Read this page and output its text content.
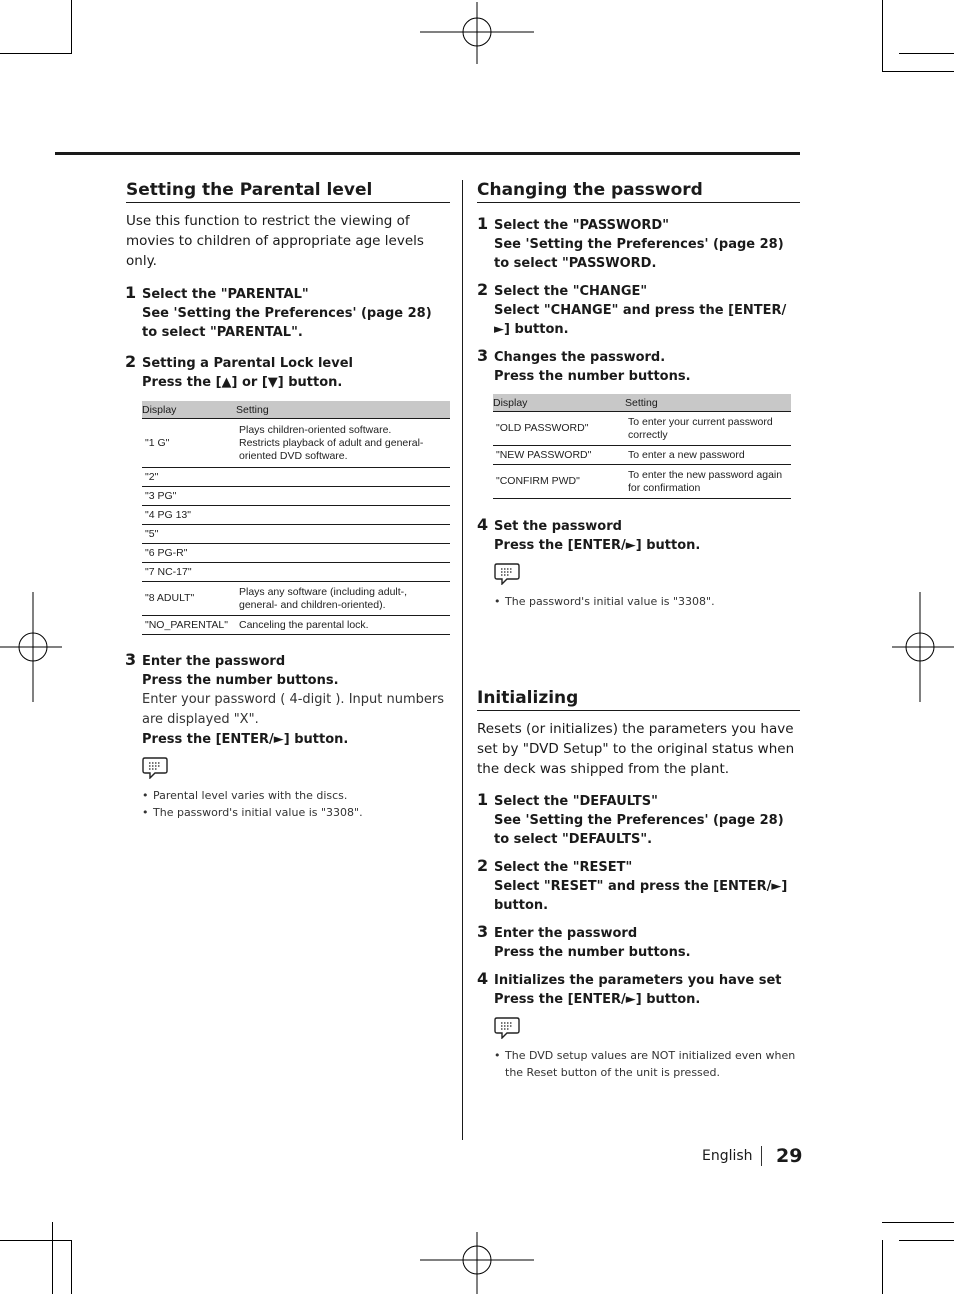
Setting the Parental level
Use this function to restrict the viewing of movies to children of appropriate age levels only.
1 Select the "PARENTAL"
See 'Setting the Preferences' (page 28) to select "PARENTAL".
2 Setting a Parental Lock level
Press the [▲] or [▼] button.
Display	Setting
"1 G"	Plays children-oriented software.
Restricts playback of adult and general-oriented DVD software.
"2"	
"3 PG"	
"4 PG 13"	
"5"	
"6 PG-R"	
"7 NC-17"	
"8 ADULT"	Plays any software (including adult-, general- and children-oriented).
"NO_PARENTAL"	Canceling the parental lock.
3 Enter the password
Press the number buttons.
Enter your password ( 4-digit ). Input numbers are displayed "X".
Press the [ENTER/►] button.
• Parental level varies with the discs.
• The password's initial value is "3308".
Changing the password
1 Select the "PASSWORD"
See 'Setting the Preferences' (page 28) to select "PASSWORD.
2 Select the "CHANGE"
Select "CHANGE" and press the [ENTER/►] button.
3 Changes the password.
Press the number buttons.
Display	Setting
"OLD PASSWORD"	To enter your current password correctly
"NEW PASSWORD"	To enter a new password
"CONFIRM PWD"	To enter the new password again for confirmation
4 Set the password
Press the [ENTER/►] button.
• The password's initial value is "3308".
Initializing
Resets (or initializes) the parameters you have set by "DVD Setup" to the original status when the deck was shipped from the plant.
1 Select the "DEFAULTS"
See 'Setting the Preferences' (page 28) to select "DEFAULTS".
2 Select the "RESET"
Select "RESET" and press the [ENTER/►] button.
3 Enter the password
Press the number buttons.
4 Initializes the parameters you have set
Press the [ENTER/►] button.
• The DVD setup values are NOT initialized even when the Reset button of the unit is pressed.
English 29
